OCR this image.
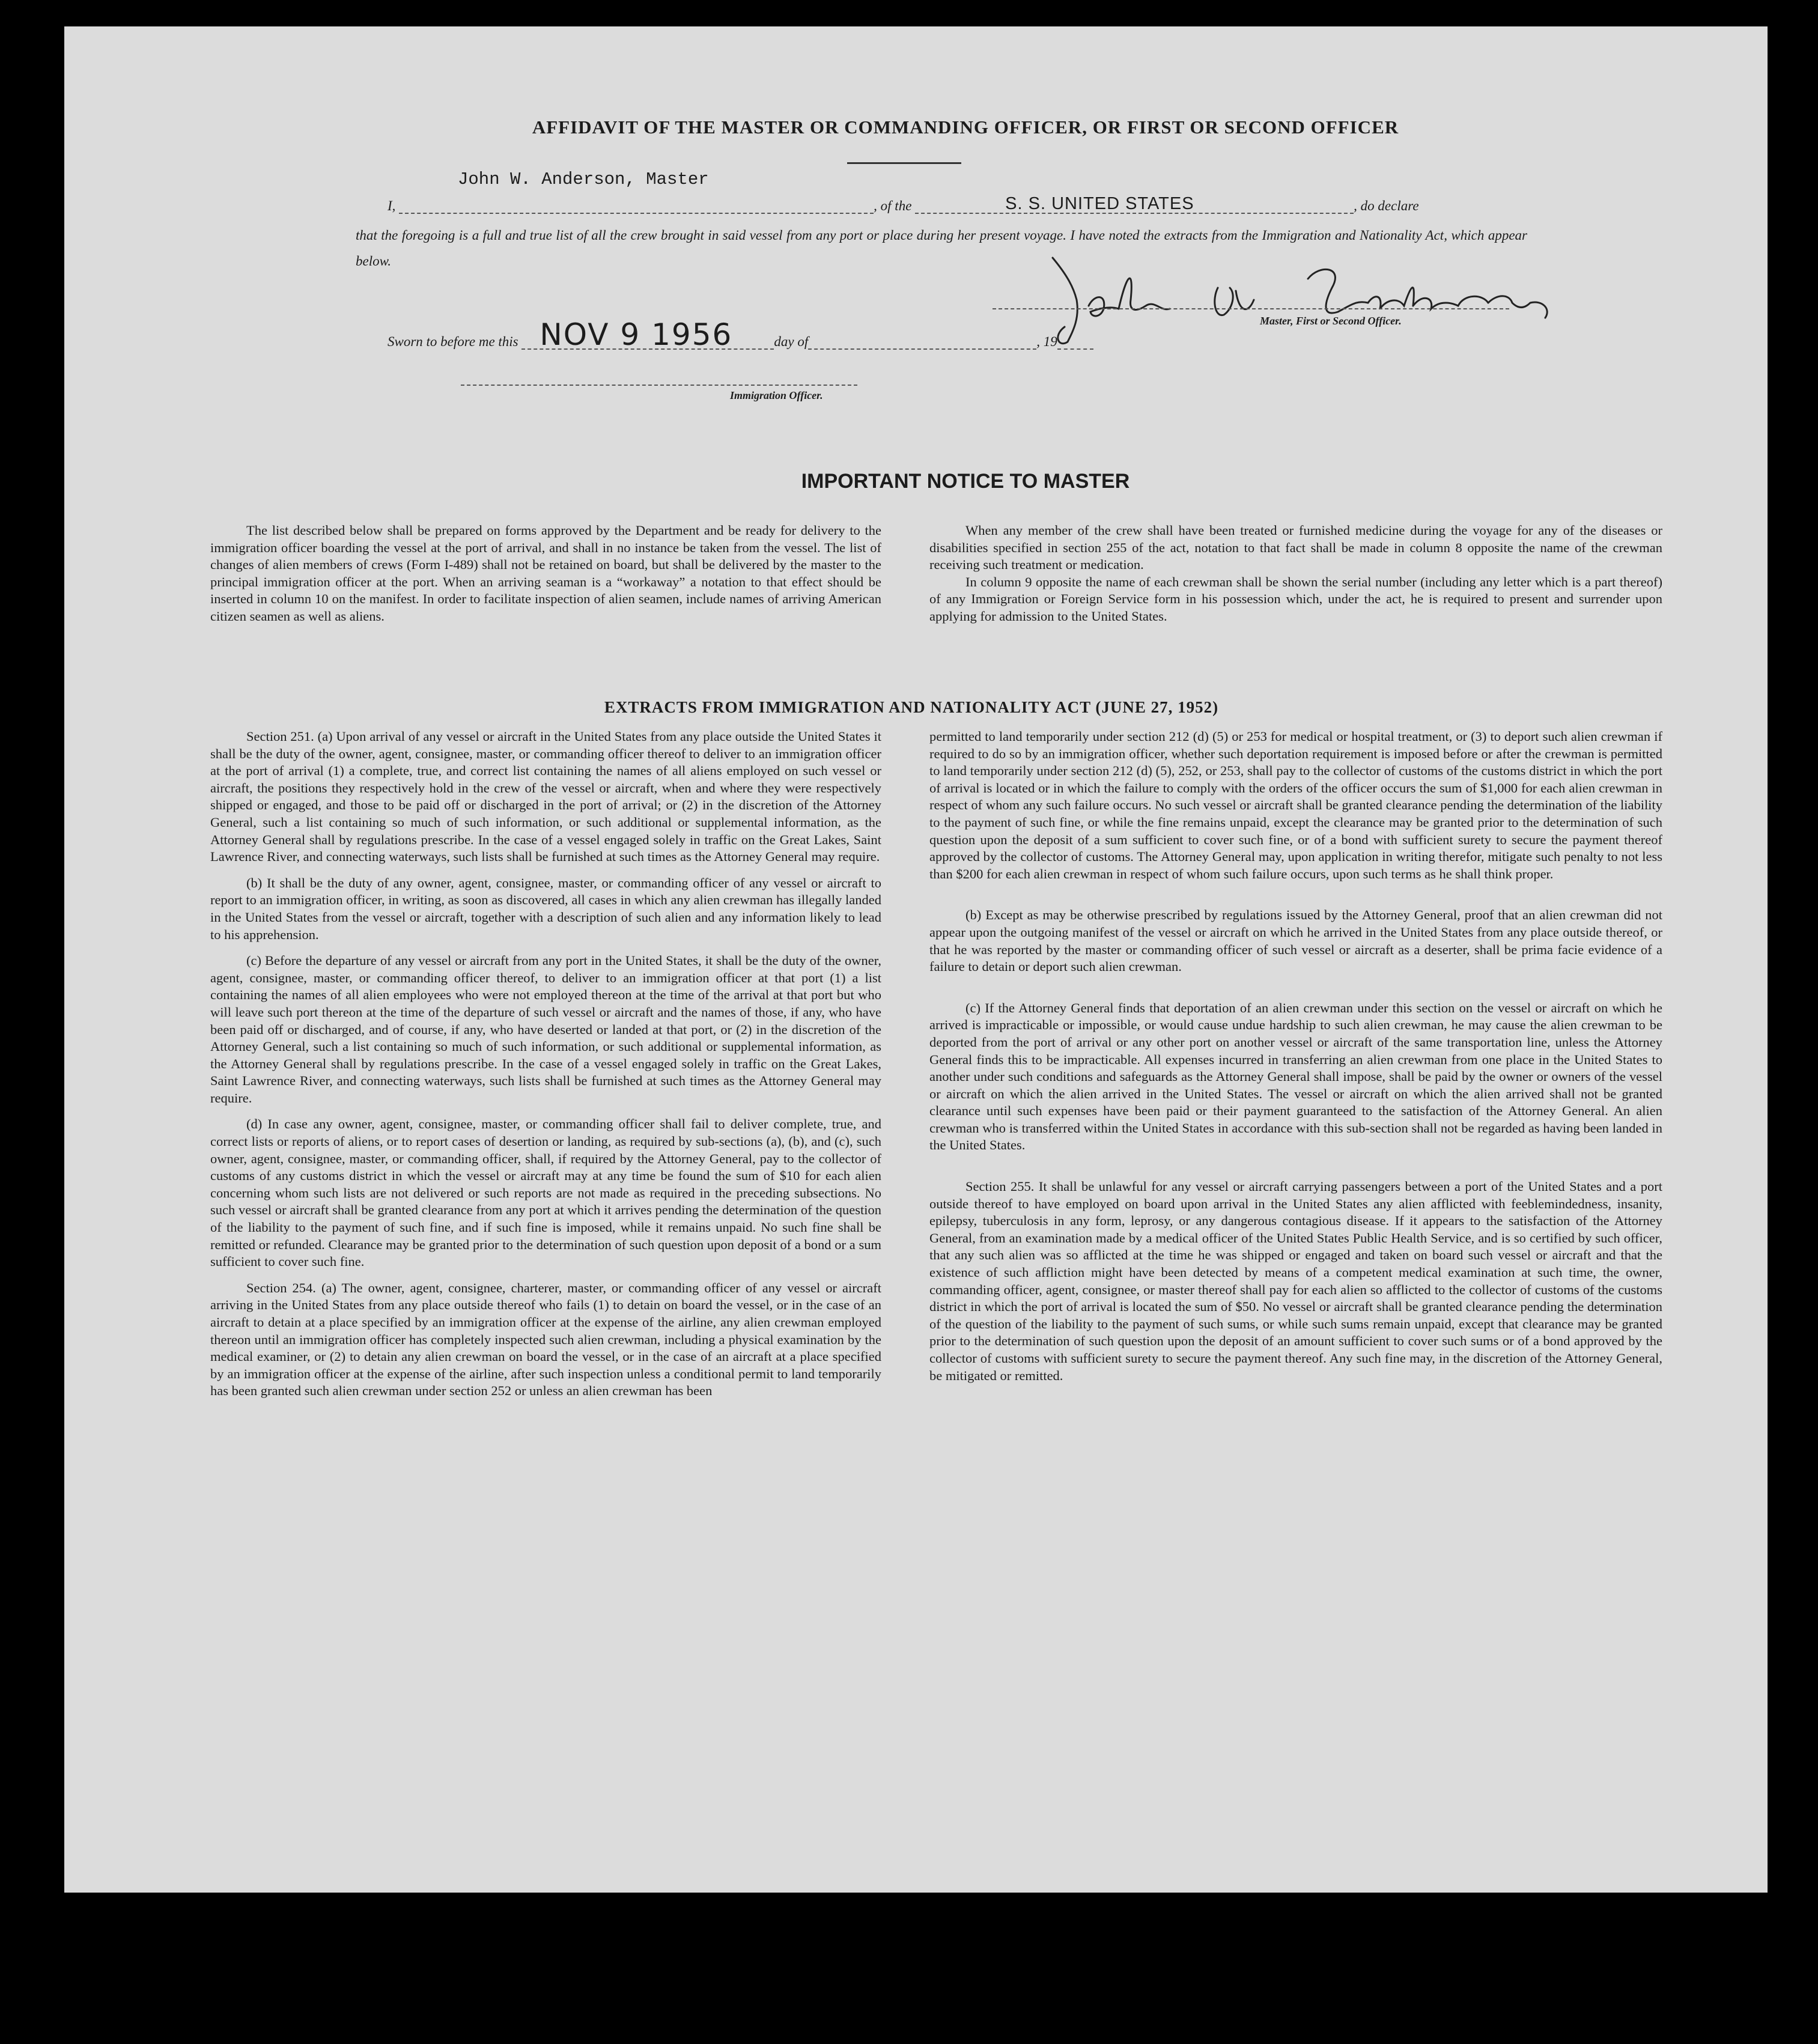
AFFIDAVIT OF THE MASTER OR COMMANDING OFFICER, OR FIRST OR SECOND OFFICER
John W. Anderson, Master
I,	, of the	S. S. UNITED STATES	, do declare
that the foregoing is a full and true list of all the crew brought in said vessel from any port or place during her present voyage. I have noted the extracts from the Immigration and Nationality Act, which appear below.
Master, First or Second Officer.
Sworn to before me this NOV 9 1956	day of	, 19
Immigration Officer.
IMPORTANT NOTICE TO MASTER

The list described below shall be prepared on forms approved by the Department and be ready for delivery to the immigration officer boarding the vessel at the port of arrival, and shall in no instance be taken from the vessel. The list of changes of alien members of crews (Form I-489) shall not be retained on board, but shall be delivered by the master to the principal immigration officer at the port. When an arriving seaman is a “workaway” a notation to that effect should be inserted in column 10 on the manifest. In order to facilitate inspection of alien seamen, include names of arriving American citizen seamen as well as aliens.

When any member of the crew shall have been treated or furnished medicine during the voyage for any of the diseases or disabilities specified in section 255 of the act, notation to that fact shall be made in column 8 opposite the name of the crewman receiving such treatment or medication.

In column 9 opposite the name of each crewman shall be shown the serial number (including any letter which is a part thereof) of any Immigration or Foreign Service form in his possession which, under the act, he is required to present and surrender upon applying for admission to the United States.

EXTRACTS FROM IMMIGRATION AND NATIONALITY ACT (JUNE 27, 1952)

Section 251. (a) Upon arrival of any vessel or aircraft in the United States from any place outside the United States it shall be the duty of the owner, agent, consignee, master, or commanding officer thereof to deliver to an immigration officer at the port of arrival (1) a complete, true, and correct list containing the names of all aliens employed on such vessel or aircraft, the positions they respectively hold in the crew of the vessel or aircraft, when and where they were respectively shipped or engaged, and those to be paid off or discharged in the port of arrival; or (2) in the discretion of the Attorney General, such a list containing so much of such information, or such additional or supplemental information, as the Attorney General shall by regulations prescribe. In the case of a vessel engaged solely in traffic on the Great Lakes, Saint Lawrence River, and connecting waterways, such lists shall be furnished at such times as the Attorney General may require.

(b) It shall be the duty of any owner, agent, consignee, master, or commanding officer of any vessel or aircraft to report to an immigration officer, in writing, as soon as discovered, all cases in which any alien crewman has illegally landed in the United States from the vessel or aircraft, together with a description of such alien and any information likely to lead to his apprehension.

(c) Before the departure of any vessel or aircraft from any port in the United States, it shall be the duty of the owner, agent, consignee, master, or commanding officer thereof, to deliver to an immigration officer at that port (1) a list containing the names of all alien employees who were not employed thereon at the time of the arrival at that port but who will leave such port thereon at the time of the departure of such vessel or aircraft and the names of those, if any, who have been paid off or discharged, and of course, if any, who have deserted or landed at that port, or (2) in the discretion of the Attorney General, such a list containing so much of such information, or such additional or supplemental information, as the Attorney General shall by regulations prescribe. In the case of a vessel engaged solely in traffic on the Great Lakes, Saint Lawrence River, and connecting waterways, such lists shall be furnished at such times as the Attorney General may require.

(d) In case any owner, agent, consignee, master, or commanding officer shall fail to deliver complete, true, and correct lists or reports of aliens, or to report cases of desertion or landing, as required by sub-sections (a), (b), and (c), such owner, agent, consignee, master, or commanding officer, shall, if required by the Attorney General, pay to the collector of customs of any customs district in which the vessel or aircraft may at any time be found the sum of $10 for each alien concerning whom such lists are not delivered or such reports are not made as required in the preceding subsections. No such vessel or aircraft shall be granted clearance from any port at which it arrives pending the determination of the question of the liability to the payment of such fine, and if such fine is imposed, while it remains unpaid. No such fine shall be remitted or refunded. Clearance may be granted prior to the determination of such question upon deposit of a bond or a sum sufficient to cover such fine.

Section 254. (a) The owner, agent, consignee, charterer, master, or commanding officer of any vessel or aircraft arriving in the United States from any place outside thereof who fails (1) to detain on board the vessel, or in the case of an aircraft to detain at a place specified by an immigration officer at the expense of the airline, any alien crewman employed thereon until an immigration officer has completely inspected such alien crewman, including a physical examination by the medical examiner, or (2) to detain any alien crewman on board the vessel, or in the case of an aircraft at a place specified by an immigration officer at the expense of the airline, after such inspection unless a conditional permit to land temporarily has been granted such alien crewman under section 252 or unless an alien crewman has been

permitted to land temporarily under section 212 (d) (5) or 253 for medical or hospital treatment, or (3) to deport such alien crewman if required to do so by an immigration officer, whether such deportation requirement is imposed before or after the crewman is permitted to land temporarily under section 212 (d) (5), 252, or 253, shall pay to the collector of customs of the customs district in which the port of arrival is located or in which the failure to comply with the orders of the officer occurs the sum of $1,000 for each alien crewman in respect of whom any such failure occurs. No such vessel or aircraft shall be granted clearance pending the determination of the liability to the payment of such fine, or while the fine remains unpaid, except the clearance may be granted prior to the determination of such question upon the deposit of a sum sufficient to cover such fine, or of a bond with sufficient surety to secure the payment thereof approved by the collector of customs. The Attorney General may, upon application in writing therefor, mitigate such penalty to not less than $200 for each alien crewman in respect of whom such failure occurs, upon such terms as he shall think proper.

(b) Except as may be otherwise prescribed by regulations issued by the Attorney General, proof that an alien crewman did not appear upon the outgoing manifest of the vessel or aircraft on which he arrived in the United States from any place outside thereof, or that he was reported by the master or commanding officer of such vessel or aircraft as a deserter, shall be prima facie evidence of a failure to detain or deport such alien crewman.

(c) If the Attorney General finds that deportation of an alien crewman under this section on the vessel or aircraft on which he arrived is impracticable or impossible, or would cause undue hardship to such alien crewman, he may cause the alien crewman to be deported from the port of arrival or any other port on another vessel or aircraft of the same transportation line, unless the Attorney General finds this to be impracticable. All expenses incurred in transferring an alien crewman from one place in the United States to another under such conditions and safeguards as the Attorney General shall impose, shall be paid by the owner or owners of the vessel or aircraft on which the alien arrived in the United States. The vessel or aircraft on which the alien arrived shall not be granted clearance until such expenses have been paid or their payment guaranteed to the satisfaction of the Attorney General. An alien crewman who is transferred within the United States in accordance with this sub-section shall not be regarded as having been landed in the United States.

Section 255. It shall be unlawful for any vessel or aircraft carrying passengers between a port of the United States and a port outside thereof to have employed on board upon arrival in the United States any alien afflicted with feeblemindedness, insanity, epilepsy, tuberculosis in any form, leprosy, or any dangerous contagious disease. If it appears to the satisfaction of the Attorney General, from an examination made by a medical officer of the United States Public Health Service, and is so certified by such officer, that any such alien was so afflicted at the time he was shipped or engaged and taken on board such vessel or aircraft and that the existence of such affliction might have been detected by means of a competent medical examination at such time, the owner, commanding officer, agent, consignee, or master thereof shall pay for each alien so afflicted to the collector of customs of the customs district in which the port of arrival is located the sum of $50. No vessel or aircraft shall be granted clearance pending the determination of the question of the liability to the payment of such sums, or while such sums remain unpaid, except that clearance may be granted prior to the determination of such question upon the deposit of an amount sufficient to cover such sums or of a bond approved by the collector of customs with sufficient surety to secure the payment thereof. Any such fine may, in the discretion of the Attorney General, be mitigated or remitted.
